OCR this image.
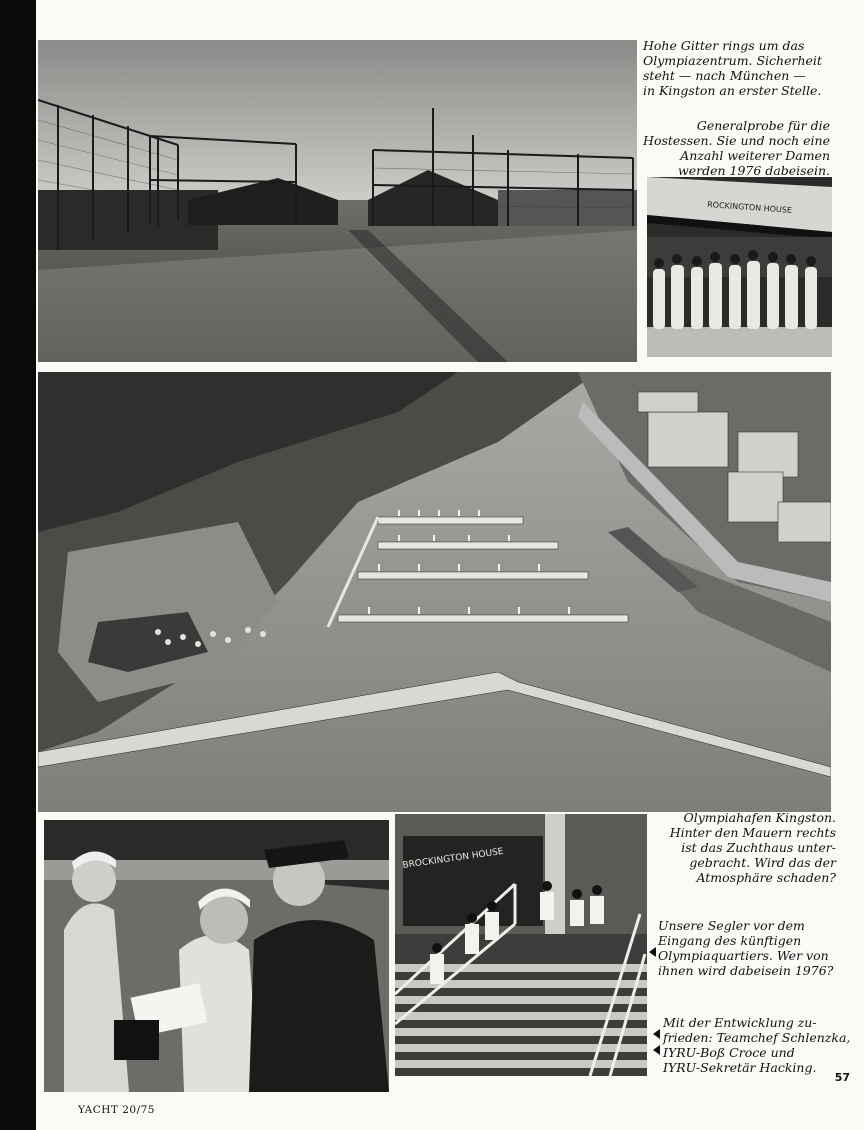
ROCKINGTON HOUSE
BROCKINGTON HOUSE

Hohe Gitter rings um das
Olympiazentrum. Sicherheit
steht — nach München —
in Kingston an erster Stelle.

Generalprobe für die
Hostessen. Sie und noch eine
Anzahl weiterer Damen
werden 1976 dabeisein.

Olympiahafen Kingston.
Hinter den Mauern rechts
ist das Zuchthaus unter-
gebracht. Wird das der
Atmosphäre schaden?

Unsere Segler vor dem
Eingang des künftigen
Olympiaquartiers. Wer von
ihnen wird dabeisein 1976?

Mit der Entwicklung zu-
frieden: Teamchef Schlenzka,
IYRU-Boß Croce und
IYRU-Sekretär Hacking.

57
YACHT 20/75
